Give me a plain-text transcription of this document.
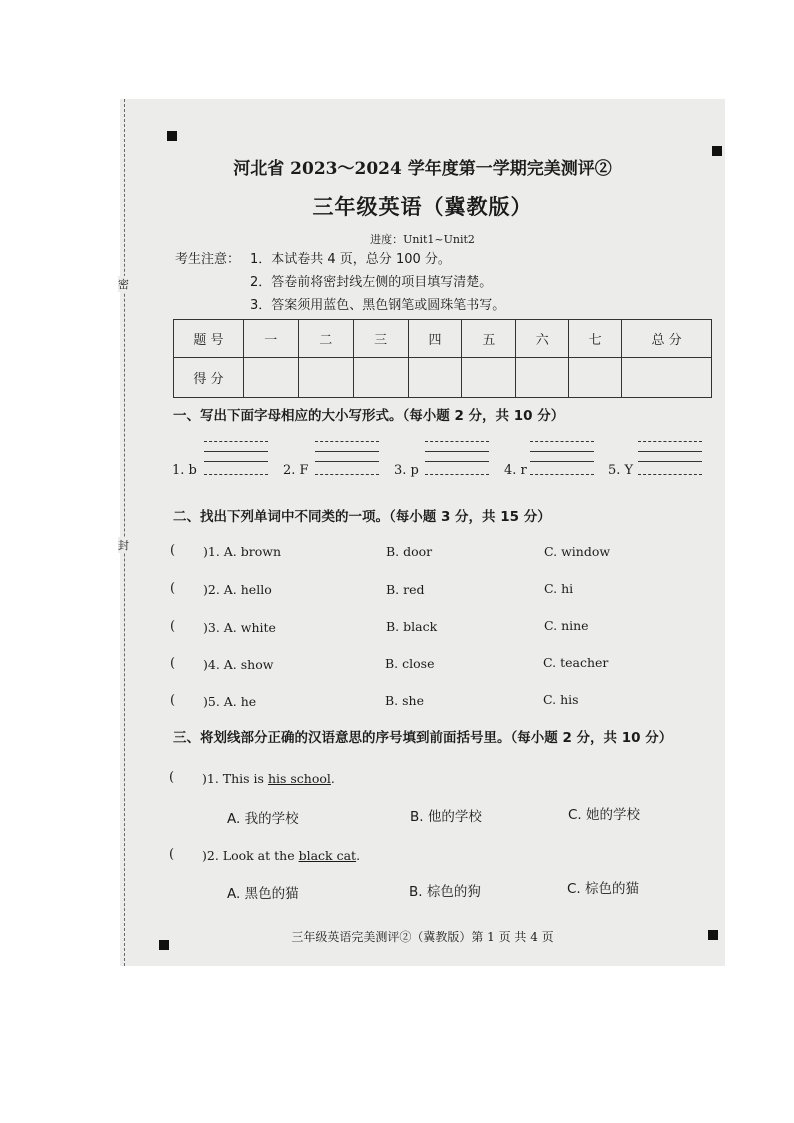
密
封
河北省 2023～2024 学年度第一学期完美测评②
三年级英语（冀教版）
进度：Unit1~Unit2
考生注意： 1．本试卷共 4 页，总分 100 分。
2．答卷前将密封线左侧的项目填写清楚。
3．答案须用蓝色、黑色钢笔或圆珠笔书写。
题 号	一	二	三	四	五	六	七	总 分
得 分								
一、写出下面字母相应的大小写形式。（每小题 2 分，共 10 分）
1. b	2. F	3. p	4. r	5. Y
二、找出下列单词中不同类的一项。（每小题 3 分，共 15 分）
( )1. A. brown	B. door	C. window
( )2. A. hello	B. red	C. hi
( )3. A. white	B. black	C. nine
( )4. A. show	B. close	C. teacher
( )5. A. he	B. she	C. his
三、将划线部分正确的汉语意思的序号填到前面括号里。（每小题 2 分，共 10 分）
( )1. This is his school.
A. 我的学校	B. 他的学校	C. 她的学校
( )2. Look at the black cat.
A. 黑色的猫	B. 棕色的狗	C. 棕色的猫
三年级英语完美测评②（冀教版）第 1 页 共 4 页
